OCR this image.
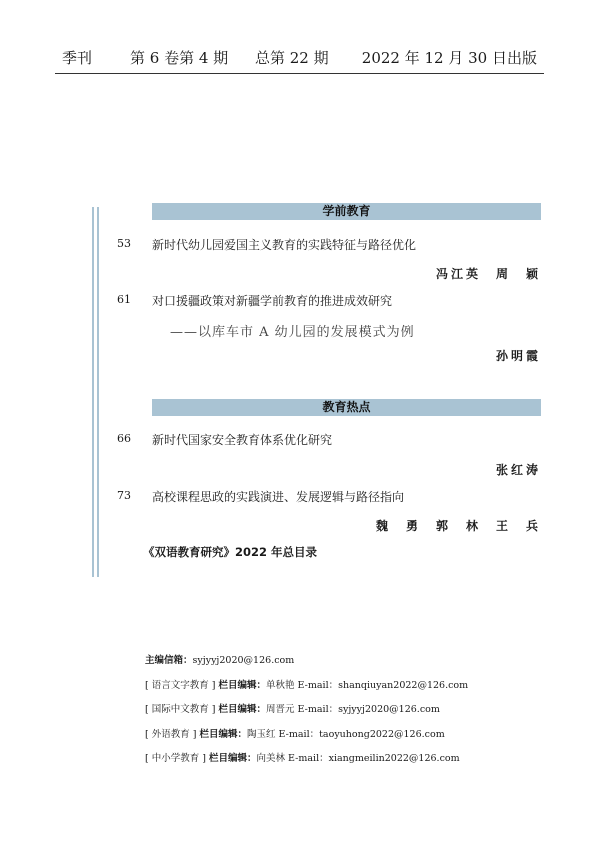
季刊	第 6 卷第 4 期 总第 22 期 2022 年 12 月 30 日出版
学前教育
53 新时代幼儿园爱国主义教育的实践特征与路径优化
冯江英　周　颖
61 对口援疆政策对新疆学前教育的推进成效研究
——以库车市 A 幼儿园的发展模式为例
孙明霞
教育热点
66 新时代国家安全教育体系优化研究
张红涛
73 高校课程思政的实践演进、发展逻辑与路径指向
魏　勇　郭　林　王　兵
《双语教育研究》2022 年总目录
主编信箱：syjyyj2020@126.com
[ 语言文字教育 ] 栏目编辑：单秋艳 E-mail：shanqiuyan2022@126.com
[ 国际中文教育 ] 栏目编辑：周晋元 E-mail：syjyyj2020@126.com
[ 外语教育 ] 栏目编辑：陶玉红 E-mail：taoyuhong2022@126.com
[ 中小学教育 ] 栏目编辑：向美林 E-mail：xiangmeilin2022@126.com
